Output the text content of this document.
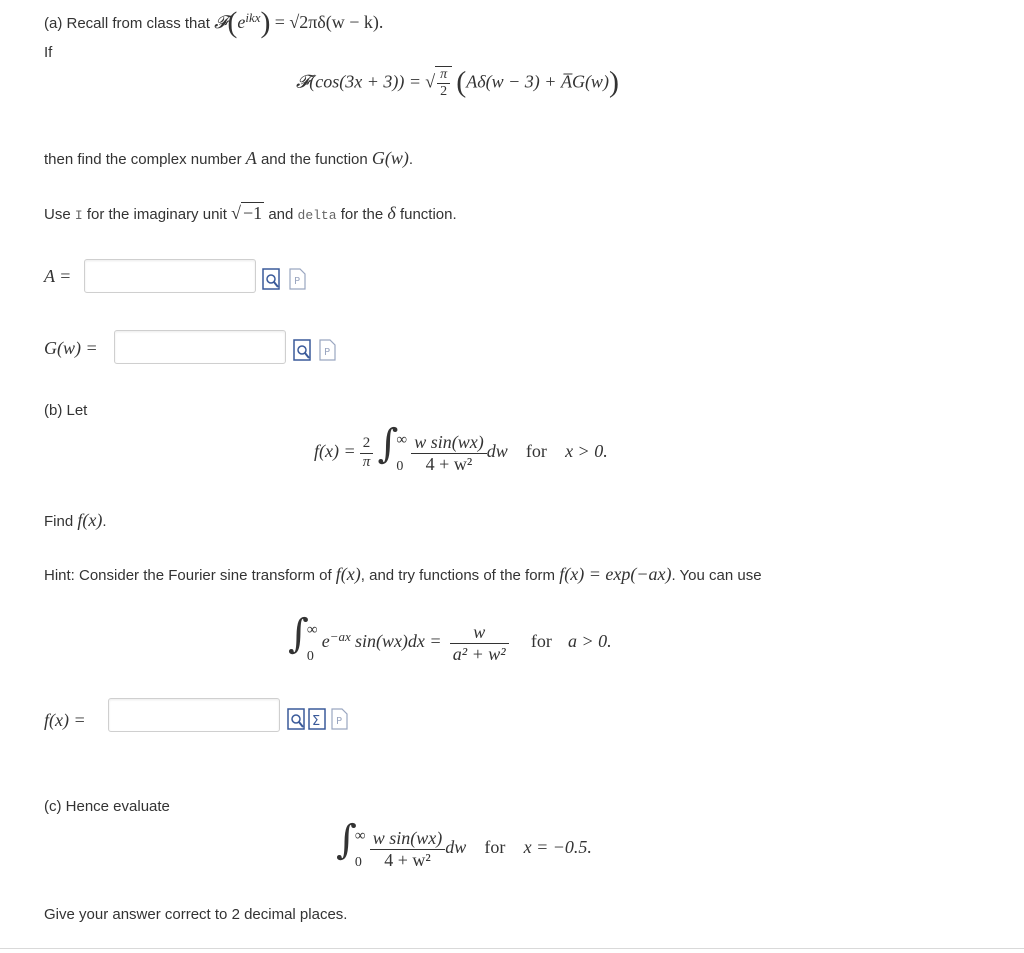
(a) Recall from class that $𝓕(e^{ikx}) = √2\pi\delta(w - k)$.
If
𝓕(cos(3x + 3)) = √ $\frac{\pi}{2} (A\delta(w - 3)$ + A̅G(w))
then find the complex number A and the function G(w).
Use I for the imaginary unit √ −1 and delta for the δ function.
A =	P
G(w) =	P
(b) Let
$f(x) = \frac{2}{\pi}$ ∫
∞
0
$\frac{\text{w sin(wx)}}{\text{4 + w²}}$ dw for x > 0.
Find f(x).
Hint: Consider the Fourier sine transform of f(x), and try functions of the form f(x) = exp(−ax). You can use
∫
∞
0
$e^{-ax}$ $\sin(wx)dx = \frac{w}{\text{a² + w²}}$ for a > 0.
f(x) =	Σ P
(c) Hence evaluate
∫
∞
0
$\frac{\text{w sin(wx)}}{\text{4 + w²}}$ dw for x = −0.5.
Give your answer correct to 2 decimal places.
